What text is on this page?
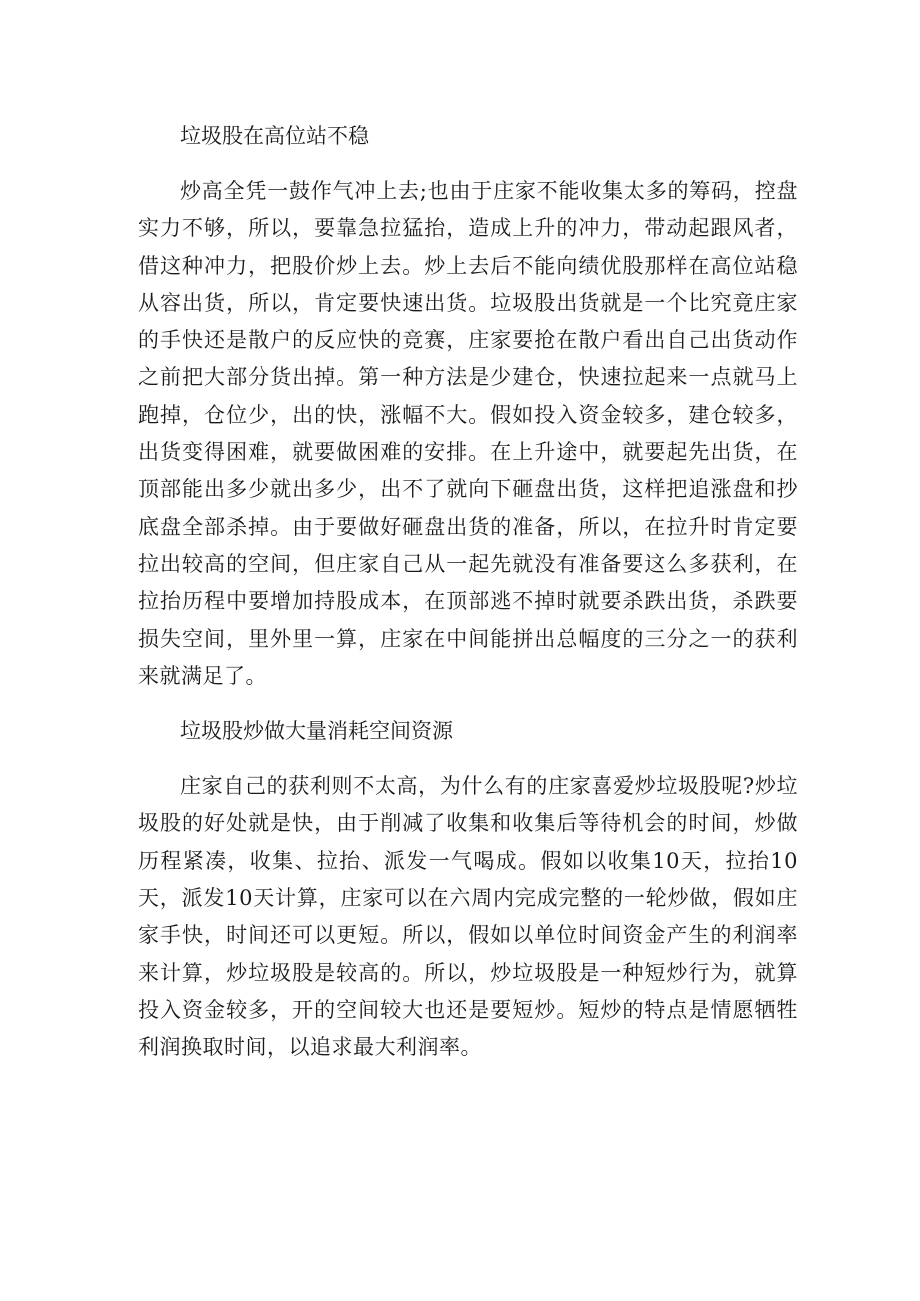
垃圾股在高位站不稳

炒高全凭一鼓作气冲上去;也由于庄家不能收集太多的筹码，控盘实力不够，所以，要靠急拉猛抬，造成上升的冲力，带动起跟风者，借这种冲力，把股价炒上去。炒上去后不能向绩优股那样在高位站稳从容出货，所以，肯定要快速出货。垃圾股出货就是一个比究竟庄家的手快还是散户的反应快的竞赛，庄家要抢在散户看出自己出货动作之前把大部分货出掉。第一种方法是少建仓，快速拉起来一点就马上跑掉，仓位少，出的快，涨幅不大。假如投入资金较多，建仓较多，出货变得困难，就要做困难的安排。在上升途中，就要起先出货，在顶部能出多少就出多少，出不了就向下砸盘出货，这样把追涨盘和抄底盘全部杀掉。由于要做好砸盘出货的准备，所以，在拉升时肯定要拉出较高的空间，但庄家自己从一起先就没有准备要这么多获利，在拉抬历程中要增加持股成本，在顶部逃不掉时就要杀跌出货，杀跌要损失空间，里外里一算，庄家在中间能拼出总幅度的三分之一的获利来就满足了。

垃圾股炒做大量消耗空间资源

庄家自己的获利则不太高，为什么有的庄家喜爱炒垃圾股呢?炒垃圾股的好处就是快，由于削减了收集和收集后等待机会的时间，炒做历程紧凑，收集、拉抬、派发一气喝成。假如以收集10天，拉抬10天，派发10天计算，庄家可以在六周内完成完整的一轮炒做，假如庄家手快，时间还可以更短。所以，假如以单位时间资金产生的利润率来计算，炒垃圾股是较高的。所以，炒垃圾股是一种短炒行为，就算投入资金较多，开的空间较大也还是要短炒。短炒的特点是情愿牺牲利润换取时间，以追求最大利润率。
